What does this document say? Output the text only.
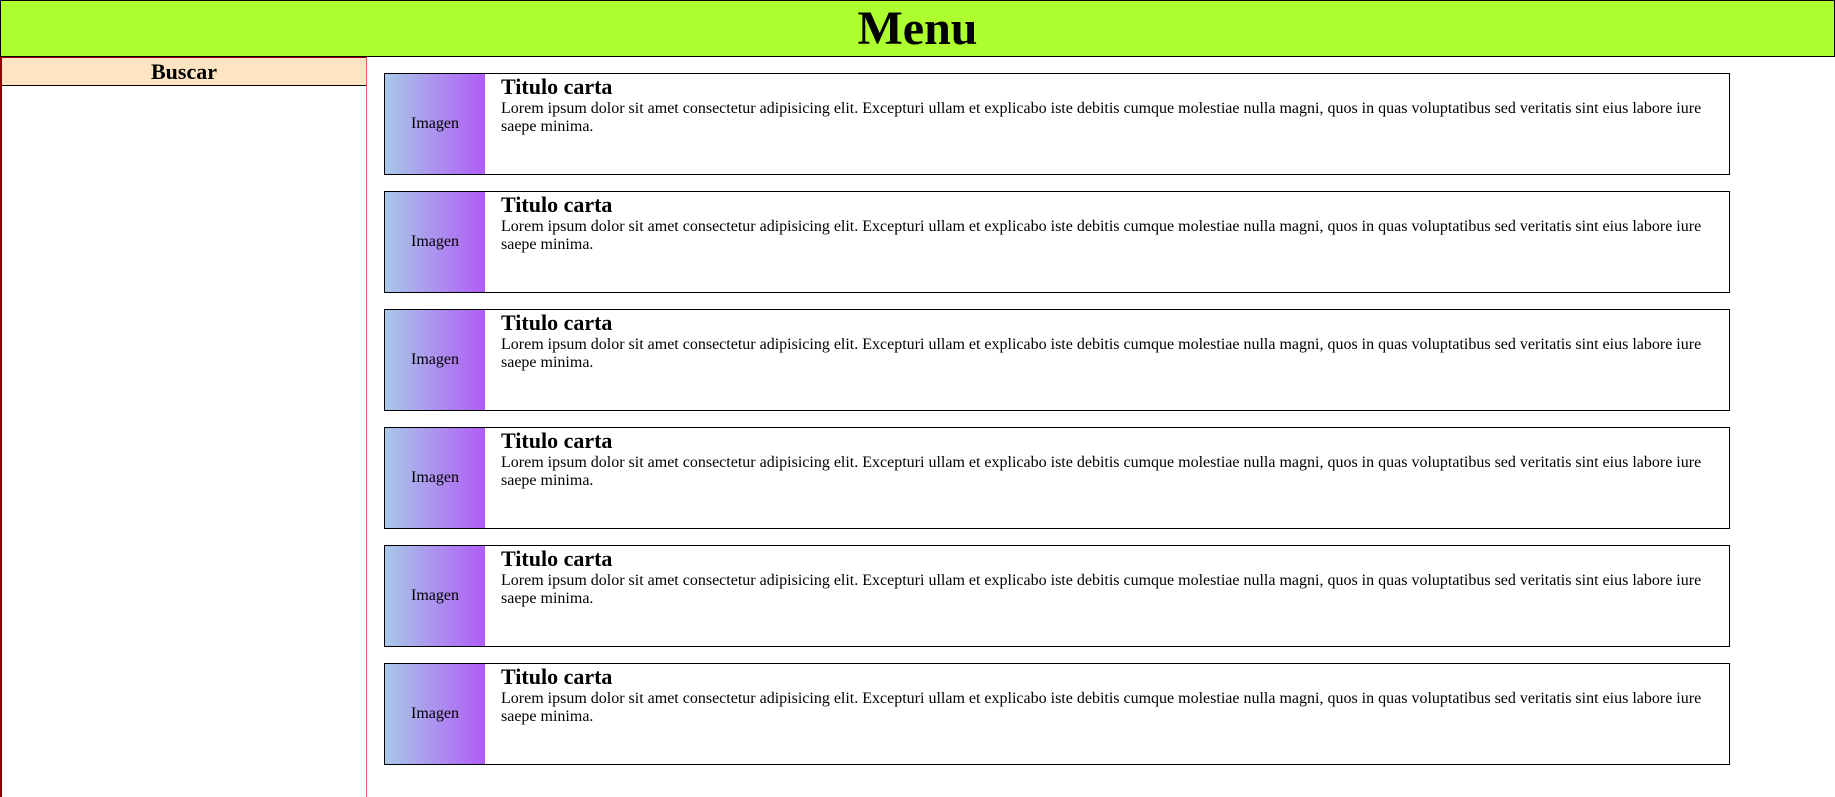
Menu
Buscar
Imagen
Titulo carta

Lorem ipsum dolor sit amet consectetur adipisicing elit. Excepturi ullam et explicabo iste debitis cumque molestiae nulla magni, quos in quas voluptatibus sed veritatis sint eius labore iure saepe minima.

Imagen
Titulo carta

Lorem ipsum dolor sit amet consectetur adipisicing elit. Excepturi ullam et explicabo iste debitis cumque molestiae nulla magni, quos in quas voluptatibus sed veritatis sint eius labore iure saepe minima.

Imagen
Titulo carta

Lorem ipsum dolor sit amet consectetur adipisicing elit. Excepturi ullam et explicabo iste debitis cumque molestiae nulla magni, quos in quas voluptatibus sed veritatis sint eius labore iure saepe minima.

Imagen
Titulo carta

Lorem ipsum dolor sit amet consectetur adipisicing elit. Excepturi ullam et explicabo iste debitis cumque molestiae nulla magni, quos in quas voluptatibus sed veritatis sint eius labore iure saepe minima.

Imagen
Titulo carta

Lorem ipsum dolor sit amet consectetur adipisicing elit. Excepturi ullam et explicabo iste debitis cumque molestiae nulla magni, quos in quas voluptatibus sed veritatis sint eius labore iure saepe minima.

Imagen
Titulo carta

Lorem ipsum dolor sit amet consectetur adipisicing elit. Excepturi ullam et explicabo iste debitis cumque molestiae nulla magni, quos in quas voluptatibus sed veritatis sint eius labore iure saepe minima.
